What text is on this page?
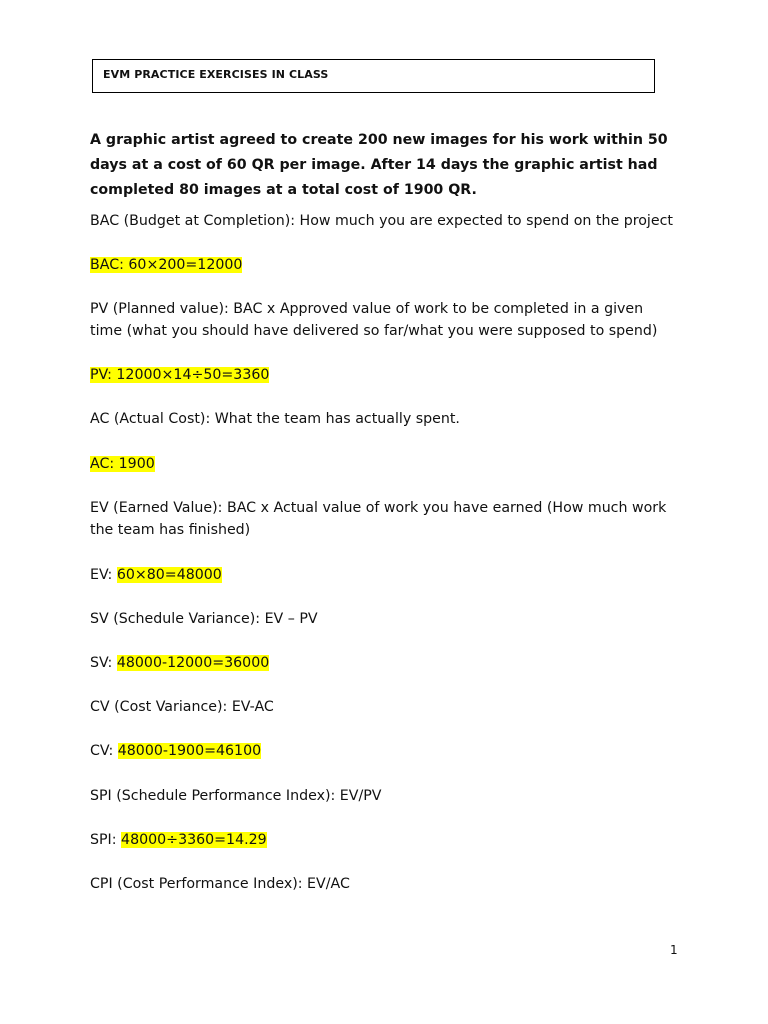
EVM PRACTICE EXERCISES IN CLASS
A graphic artist agreed to create 200 new images for his work within 50 days at a cost of 60 QR per image. After 14 days the graphic artist had completed 80 images at a total cost of 1900 QR.
BAC (Budget at Completion): How much you are expected to spend on the project
BAC: 60×200=12000
PV (Planned value): BAC x Approved value of work to be completed in a given time (what you should have delivered so far/what you were supposed to spend)
PV: 12000×14÷50=3360
AC (Actual Cost): What the team has actually spent.
AC: 1900
EV (Earned Value): BAC x Actual value of work you have earned (How much work the team has finished)
EV: 60×80=48000
SV (Schedule Variance): EV – PV
SV: 48000-12000=36000
CV (Cost Variance): EV-AC
CV: 48000-1900=46100
SPI (Schedule Performance Index): EV/PV
SPI: 48000÷3360=14.29
CPI (Cost Performance Index): EV/AC
1
